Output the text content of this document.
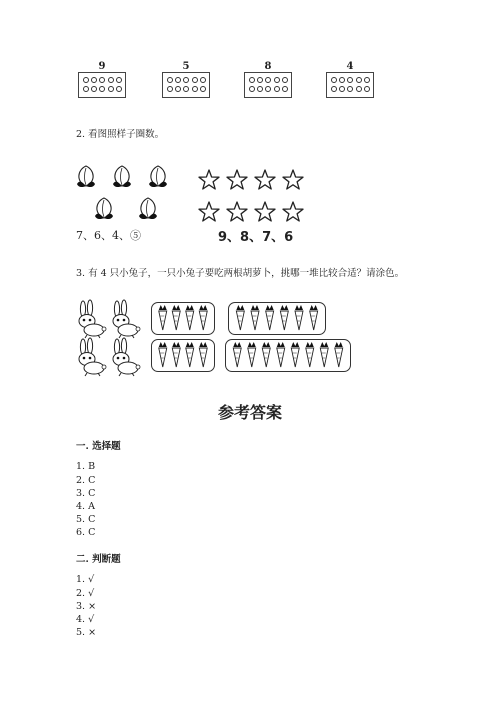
9	5	8	4
2. 看图照样子圈数。
7、6、4、⑤	9、8、7、6
3. 有 4 只小兔子，一只小兔子要吃两根胡萝卜，挑哪一堆比较合适？请涂色。
参考答案
一. 选择题
1. B
2. C
3. C
4. A
5. C
6. C
二. 判断题
1. √
2. √
3. ×
4. √
5. ×
